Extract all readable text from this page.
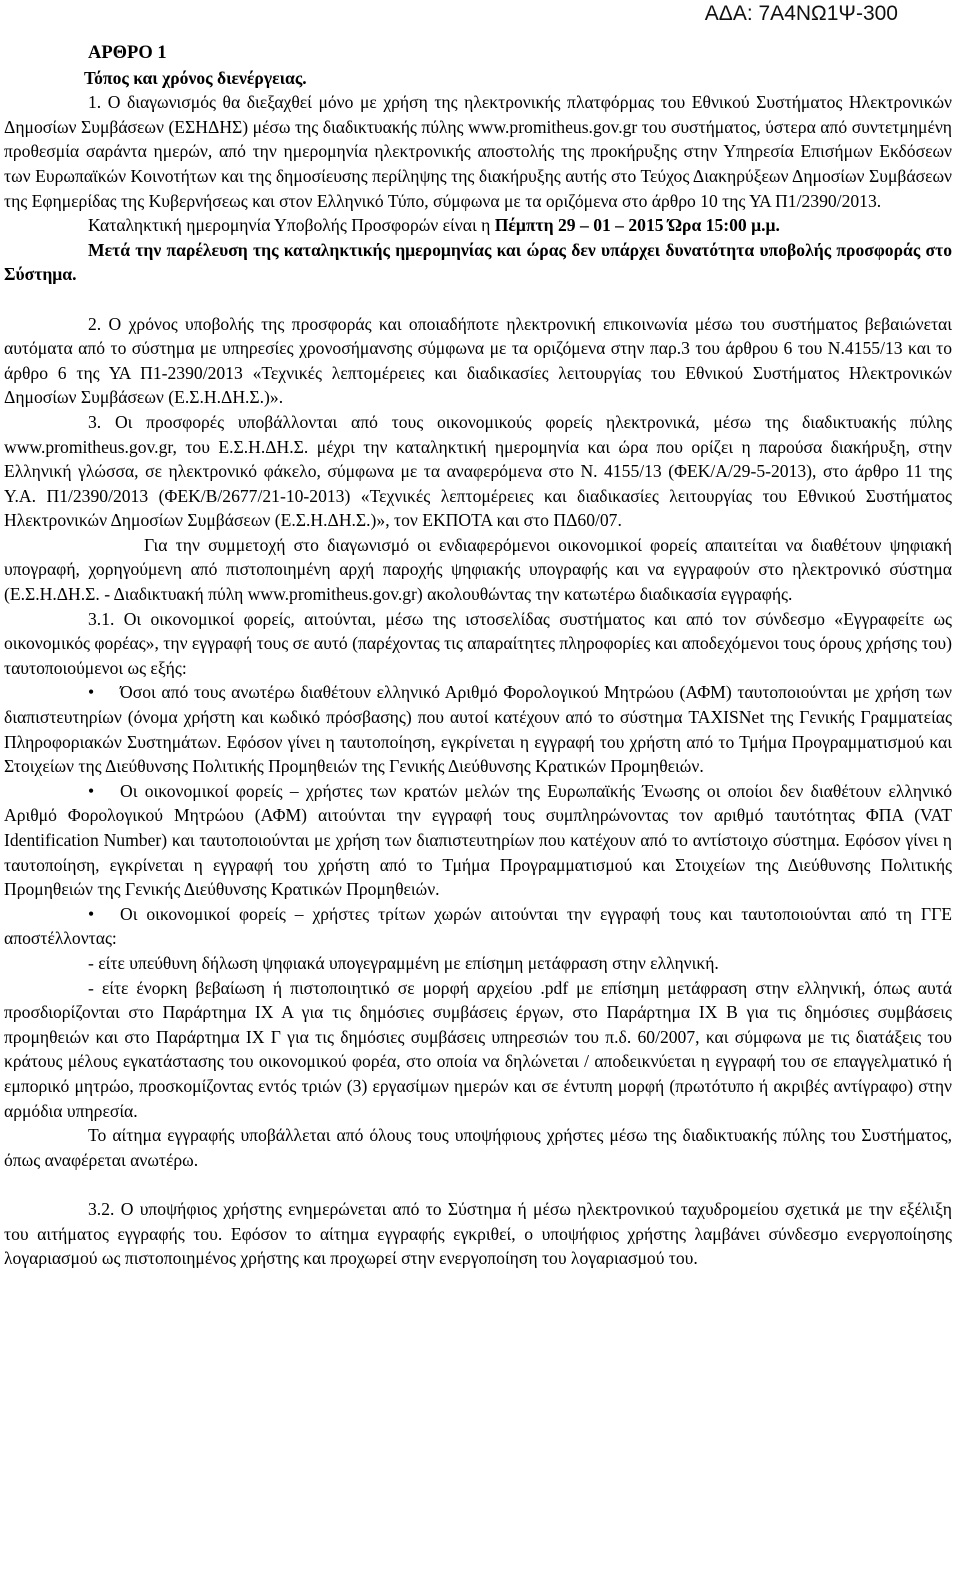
ΑΔΑ: 7Α4ΝΩ1Ψ-300

ΑΡΘΡΟ 1

Τόπος και χρόνος διενέργειας.

1. Ο διαγωνισμός θα διεξαχθεί μόνο με χρήση της ηλεκτρονικής πλατφόρμας του Εθνικού Συστήματος Ηλεκτρονικών Δημοσίων Συμβάσεων (ΕΣΗΔΗΣ) μέσω της διαδικτυακής πύλης www.promitheus.gov.gr του συστήματος, ύστερα από συντετμημένη προθεσμία σαράντα ημερών, από την ημερομηνία ηλεκτρονικής αποστολής της προκήρυξης στην Υπηρεσία Επισήμων Εκδόσεων των Ευρωπαϊκών Κοινοτήτων και της δημοσίευσης περίληψης της διακήρυξης αυτής στο Τεύχος Διακηρύξεων Δημοσίων Συμβάσεων της Εφημερίδας της Κυβερνήσεως και στον Ελληνικό Τύπο, σύμφωνα με τα οριζόμενα στο άρθρο 10 της ΥΑ Π1/2390/2013.

Καταληκτική ημερομηνία Υποβολής Προσφορών είναι η Πέμπτη 29 – 01 – 2015 Ώρα 15:00 μ.μ.

Μετά την παρέλευση της καταληκτικής ημερομηνίας και ώρας δεν υπάρχει δυνατότητα υποβολής προσφοράς στο Σύστημα.

2. Ο χρόνος υποβολής της προσφοράς και οποιαδήποτε ηλεκτρονική επικοινωνία μέσω του συστήματος βεβαιώνεται αυτόματα από το σύστημα με υπηρεσίες χρονοσήμανσης σύμφωνα με τα οριζόμενα στην παρ.3 του άρθρου 6 του Ν.4155/13 και το άρθρο 6 της ΥΑ Π1-2390/2013 «Τεχνικές λεπτομέρειες και διαδικασίες λειτουργίας του Εθνικού Συστήματος Ηλεκτρονικών Δημοσίων Συμβάσεων (Ε.Σ.Η.ΔΗ.Σ.)».

3. Οι προσφορές υποβάλλονται από τους οικονομικούς φορείς ηλεκτρονικά, μέσω της διαδικτυακής πύλης www.promitheus.gov.gr, του Ε.Σ.Η.ΔΗ.Σ. μέχρι την καταληκτική ημερομηνία και ώρα που ορίζει η παρούσα διακήρυξη, στην Ελληνική γλώσσα, σε ηλεκτρονικό φάκελο, σύμφωνα με τα αναφερόμενα στο Ν. 4155/13 (ΦΕΚ/Α/29-5-2013), στο άρθρο 11 της Υ.Α. Π1/2390/2013 (ΦΕΚ/Β/2677/21-10-2013) «Τεχνικές λεπτομέρειες και διαδικασίες λειτουργίας του Εθνικού Συστήματος Ηλεκτρονικών Δημοσίων Συμβάσεων (Ε.Σ.Η.ΔΗ.Σ.)», τον ΕΚΠΟΤΑ και στο ΠΔ60/07.

Για την συμμετοχή στο διαγωνισμό οι ενδιαφερόμενοι οικονομικοί φορείς απαιτείται να διαθέτουν ψηφιακή υπογραφή, χορηγούμενη από πιστοποιημένη αρχή παροχής ψηφιακής υπογραφής και να εγγραφούν στο ηλεκτρονικό σύστημα (Ε.Σ.Η.ΔΗ.Σ. - Διαδικτυακή πύλη www.promitheus.gov.gr) ακολουθώντας την κατωτέρω διαδικασία εγγραφής.

3.1. Οι οικονομικοί φορείς, αιτούνται, μέσω της ιστοσελίδας συστήματος και από τον σύνδεσμο «Εγγραφείτε ως οικονομικός φορέας», την εγγραφή τους σε αυτό (παρέχοντας τις απαραίτητες πληροφορίες και αποδεχόμενοι τους όρους χρήσης του) ταυτοποιούμενοι ως εξής:

• Όσοι από τους ανωτέρω διαθέτουν ελληνικό Αριθμό Φορολογικού Μητρώου (ΑΦΜ) ταυτοποιούνται με χρήση των διαπιστευτηρίων (όνομα χρήστη και κωδικό πρόσβασης) που αυτοί κατέχουν από το σύστημα TAXISNet της Γενικής Γραμματείας Πληροφοριακών Συστημάτων. Εφόσον γίνει η ταυτοποίηση, εγκρίνεται η εγγραφή του χρήστη από το Τμήμα Προγραμματισμού και Στοιχείων της Διεύθυνσης Πολιτικής Προμηθειών της Γενικής Διεύθυνσης Κρατικών Προμηθειών.

• Οι οικονομικοί φορείς – χρήστες των κρατών μελών της Ευρωπαϊκής Ένωσης οι οποίοι δεν διαθέτουν ελληνικό Αριθμό Φορολογικού Μητρώου (ΑΦΜ) αιτούνται την εγγραφή τους συμπληρώνοντας τον αριθμό ταυτότητας ΦΠΑ (VAT Identification Number) και ταυτοποιούνται με χρήση των διαπιστευτηρίων που κατέχουν από το αντίστοιχο σύστημα. Εφόσον γίνει η ταυτοποίηση, εγκρίνεται η εγγραφή του χρήστη από το Τμήμα Προγραμματισμού και Στοιχείων της Διεύθυνσης Πολιτικής Προμηθειών της Γενικής Διεύθυνσης Κρατικών Προμηθειών.

• Οι οικονομικοί φορείς – χρήστες τρίτων χωρών αιτούνται την εγγραφή τους και ταυτοποιούνται από τη ΓΓΕ αποστέλλοντας:

- είτε υπεύθυνη δήλωση ψηφιακά υπογεγραμμένη με επίσημη μετάφραση στην ελληνική.

- είτε ένορκη βεβαίωση ή πιστοποιητικό σε μορφή αρχείου .pdf με επίσημη μετάφραση στην ελληνική, όπως αυτά προσδιορίζονται στο Παράρτημα ΙΧ Α για τις δημόσιες συμβάσεις έργων, στο Παράρτημα ΙΧ Β για τις δημόσιες συμβάσεις προμηθειών και στο Παράρτημα ΙΧ Γ για τις δημόσιες συμβάσεις υπηρεσιών του π.δ. 60/2007, και σύμφωνα με τις διατάξεις του κράτους μέλους εγκατάστασης του οικονομικού φορέα, στο οποία να δηλώνεται / αποδεικνύεται η εγγραφή του σε επαγγελματικό ή εμπορικό μητρώο, προσκομίζοντας εντός τριών (3) εργασίμων ημερών και σε έντυπη μορφή (πρωτότυπο ή ακριβές αντίγραφο) στην αρμόδια υπηρεσία.

Το αίτημα εγγραφής υποβάλλεται από όλους τους υποψήφιους χρήστες μέσω της διαδικτυακής πύλης του Συστήματος, όπως αναφέρεται ανωτέρω.

3.2. Ο υποψήφιος χρήστης ενημερώνεται από το Σύστημα ή μέσω ηλεκτρονικού ταχυδρομείου σχετικά με την εξέλιξη του αιτήματος εγγραφής του. Εφόσον το αίτημα εγγραφής εγκριθεί, ο υποψήφιος χρήστης λαμβάνει σύνδεσμο ενεργοποίησης λογαριασμού ως πιστοποιημένος χρήστης και προχωρεί στην ενεργοποίηση του λογαριασμού του.
